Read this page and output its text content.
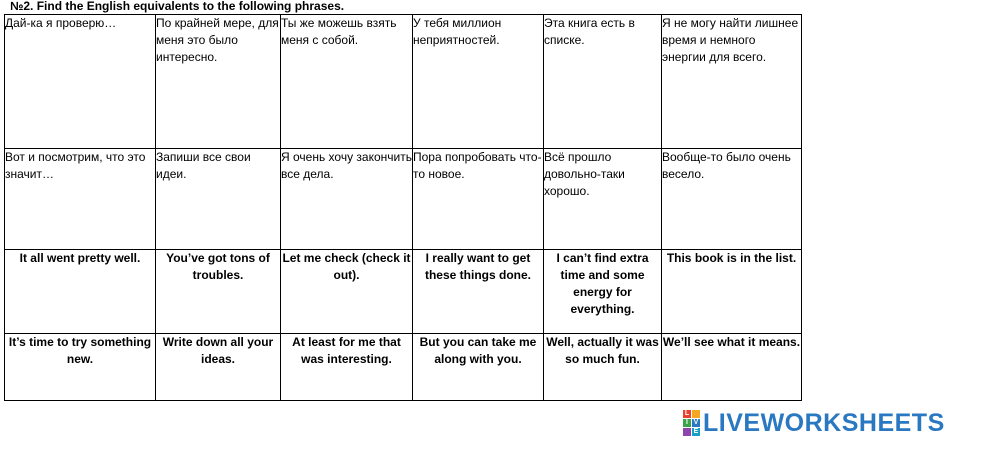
№2. Find the English equivalents to the following phrases.
Дай-ка я проверю…	По крайней мере, для меня это было интересно.	Ты же можешь взять меня с собой.	У тебя миллион неприятностей.	Эта книга есть в списке.	Я не могу найти лишнее время и немного энергии для всего.
Вот и посмотрим, что это значит…	Запиши все свои идеи.	Я очень хочу закончить все дела.	Пора попробовать что-то новое.	Всё прошло довольно-таки хорошо.	Вообще-то было очень весело.
It all went pretty well.	You’ve got tons of troubles.	Let me check (check it out).	I really want to get these things done.	I can’t find extra time and some energy for everything.	This book is in the list.
It’s time to try something new.	Write down all your ideas.	At least for me that was interesting.	But you can take me along with you.	Well, actually it was so much fun.	We’ll see what it means.
L
I V
E LIVEWORKSHEETS
